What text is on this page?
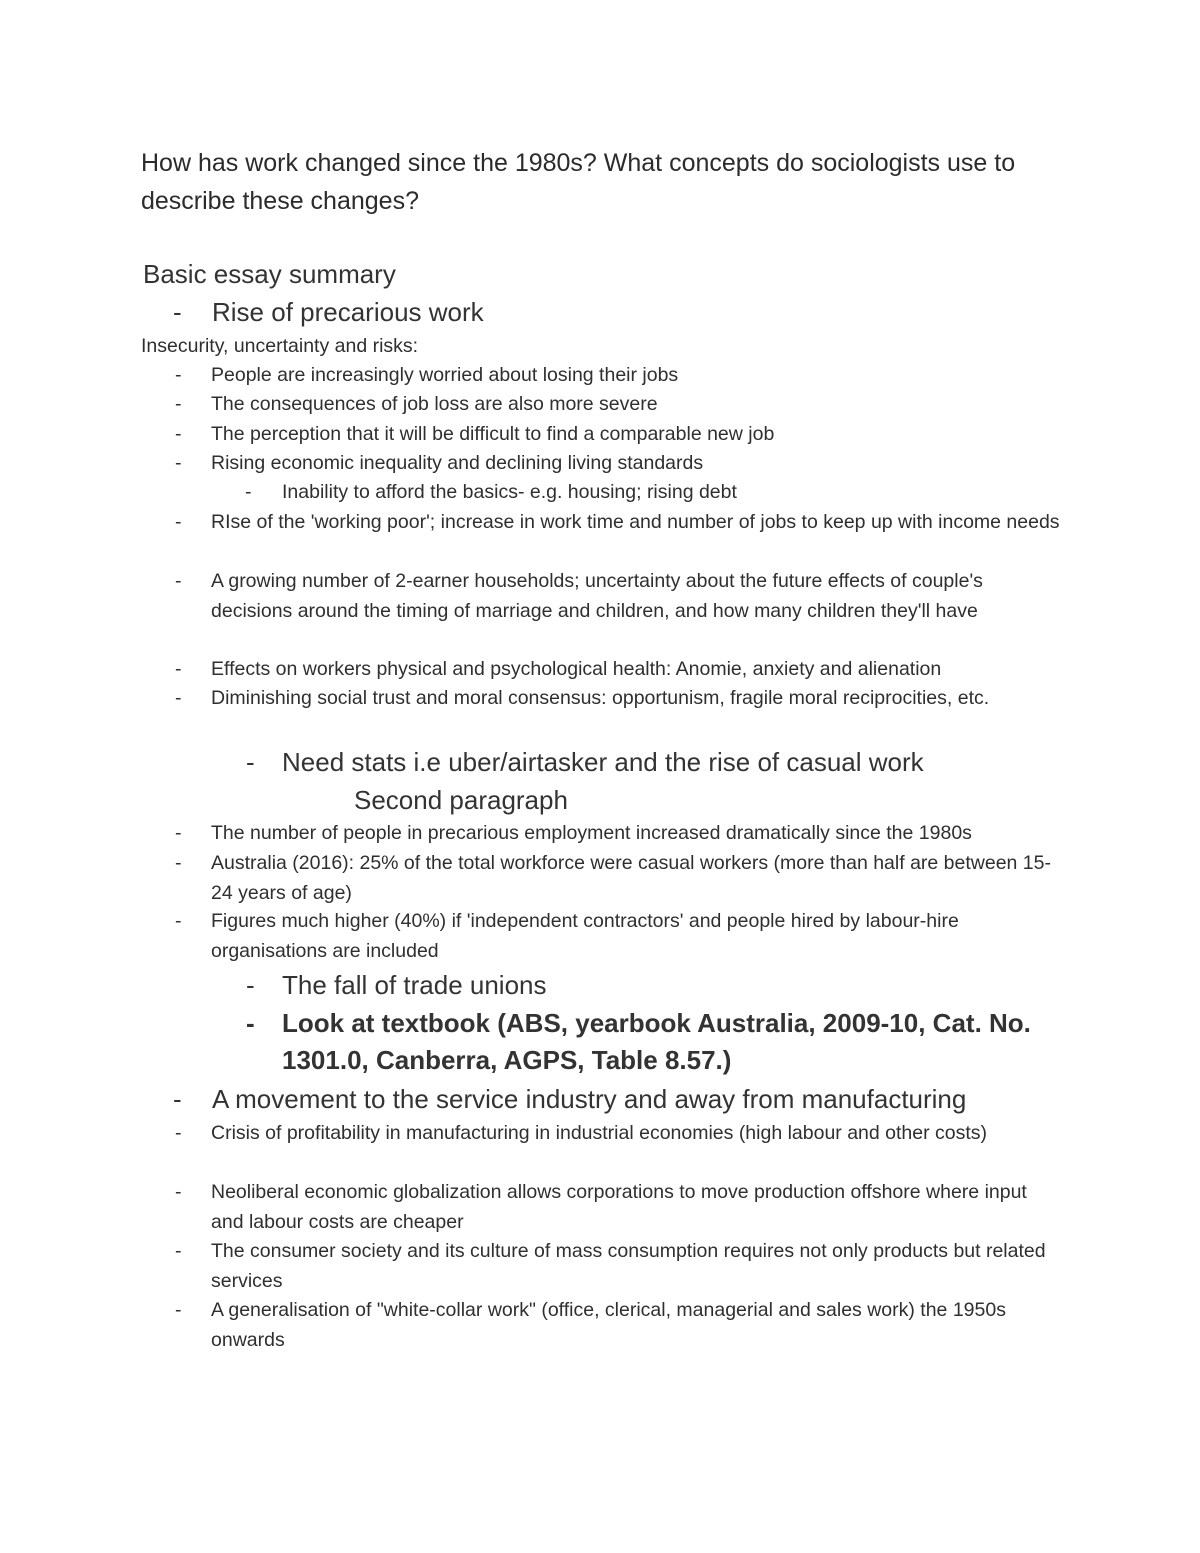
How has work changed since the 1980s? What concepts do sociologists use to describe these changes?
Basic essay summary
- Rise of precarious work
Insecurity, uncertainty and risks:
- People are increasingly worried about losing their jobs
- The consequences of job loss are also more severe
- The perception that it will be difficult to find a comparable new job
- Rising economic inequality and declining living standards
- Inability to afford the basics- e.g. housing; rising debt
- RIse of the 'working poor'; increase in work time and number of jobs to keep up with income needs
- A growing number of 2-earner households; uncertainty about the future effects of couple's decisions around the timing of marriage and children, and how many children they'll have
- Effects on workers physical and psychological health: Anomie, anxiety and alienation
- Diminishing social trust and moral consensus: opportunism, fragile moral reciprocities, etc.
- Need stats i.e uber/airtasker and the rise of casual work
Second paragraph
- The number of people in precarious employment increased dramatically since the 1980s
- Australia (2016): 25% of the total workforce were casual workers (more than half are between 15-24 years of age)
- Figures much higher (40%) if 'independent contractors' and people hired by labour-hire organisations are included
- The fall of trade unions
- Look at textbook (ABS, yearbook Australia, 2009-10, Cat. No. 1301.0, Canberra, AGPS, Table 8.57.)
- A movement to the service industry and away from manufacturing
- Crisis of profitability in manufacturing in industrial economies (high labour and other costs)
- Neoliberal economic globalization allows corporations to move production offshore where input and labour costs are cheaper
- The consumer society and its culture of mass consumption requires not only products but related services
- A generalisation of "white-collar work" (office, clerical, managerial and sales work) the 1950s onwards
